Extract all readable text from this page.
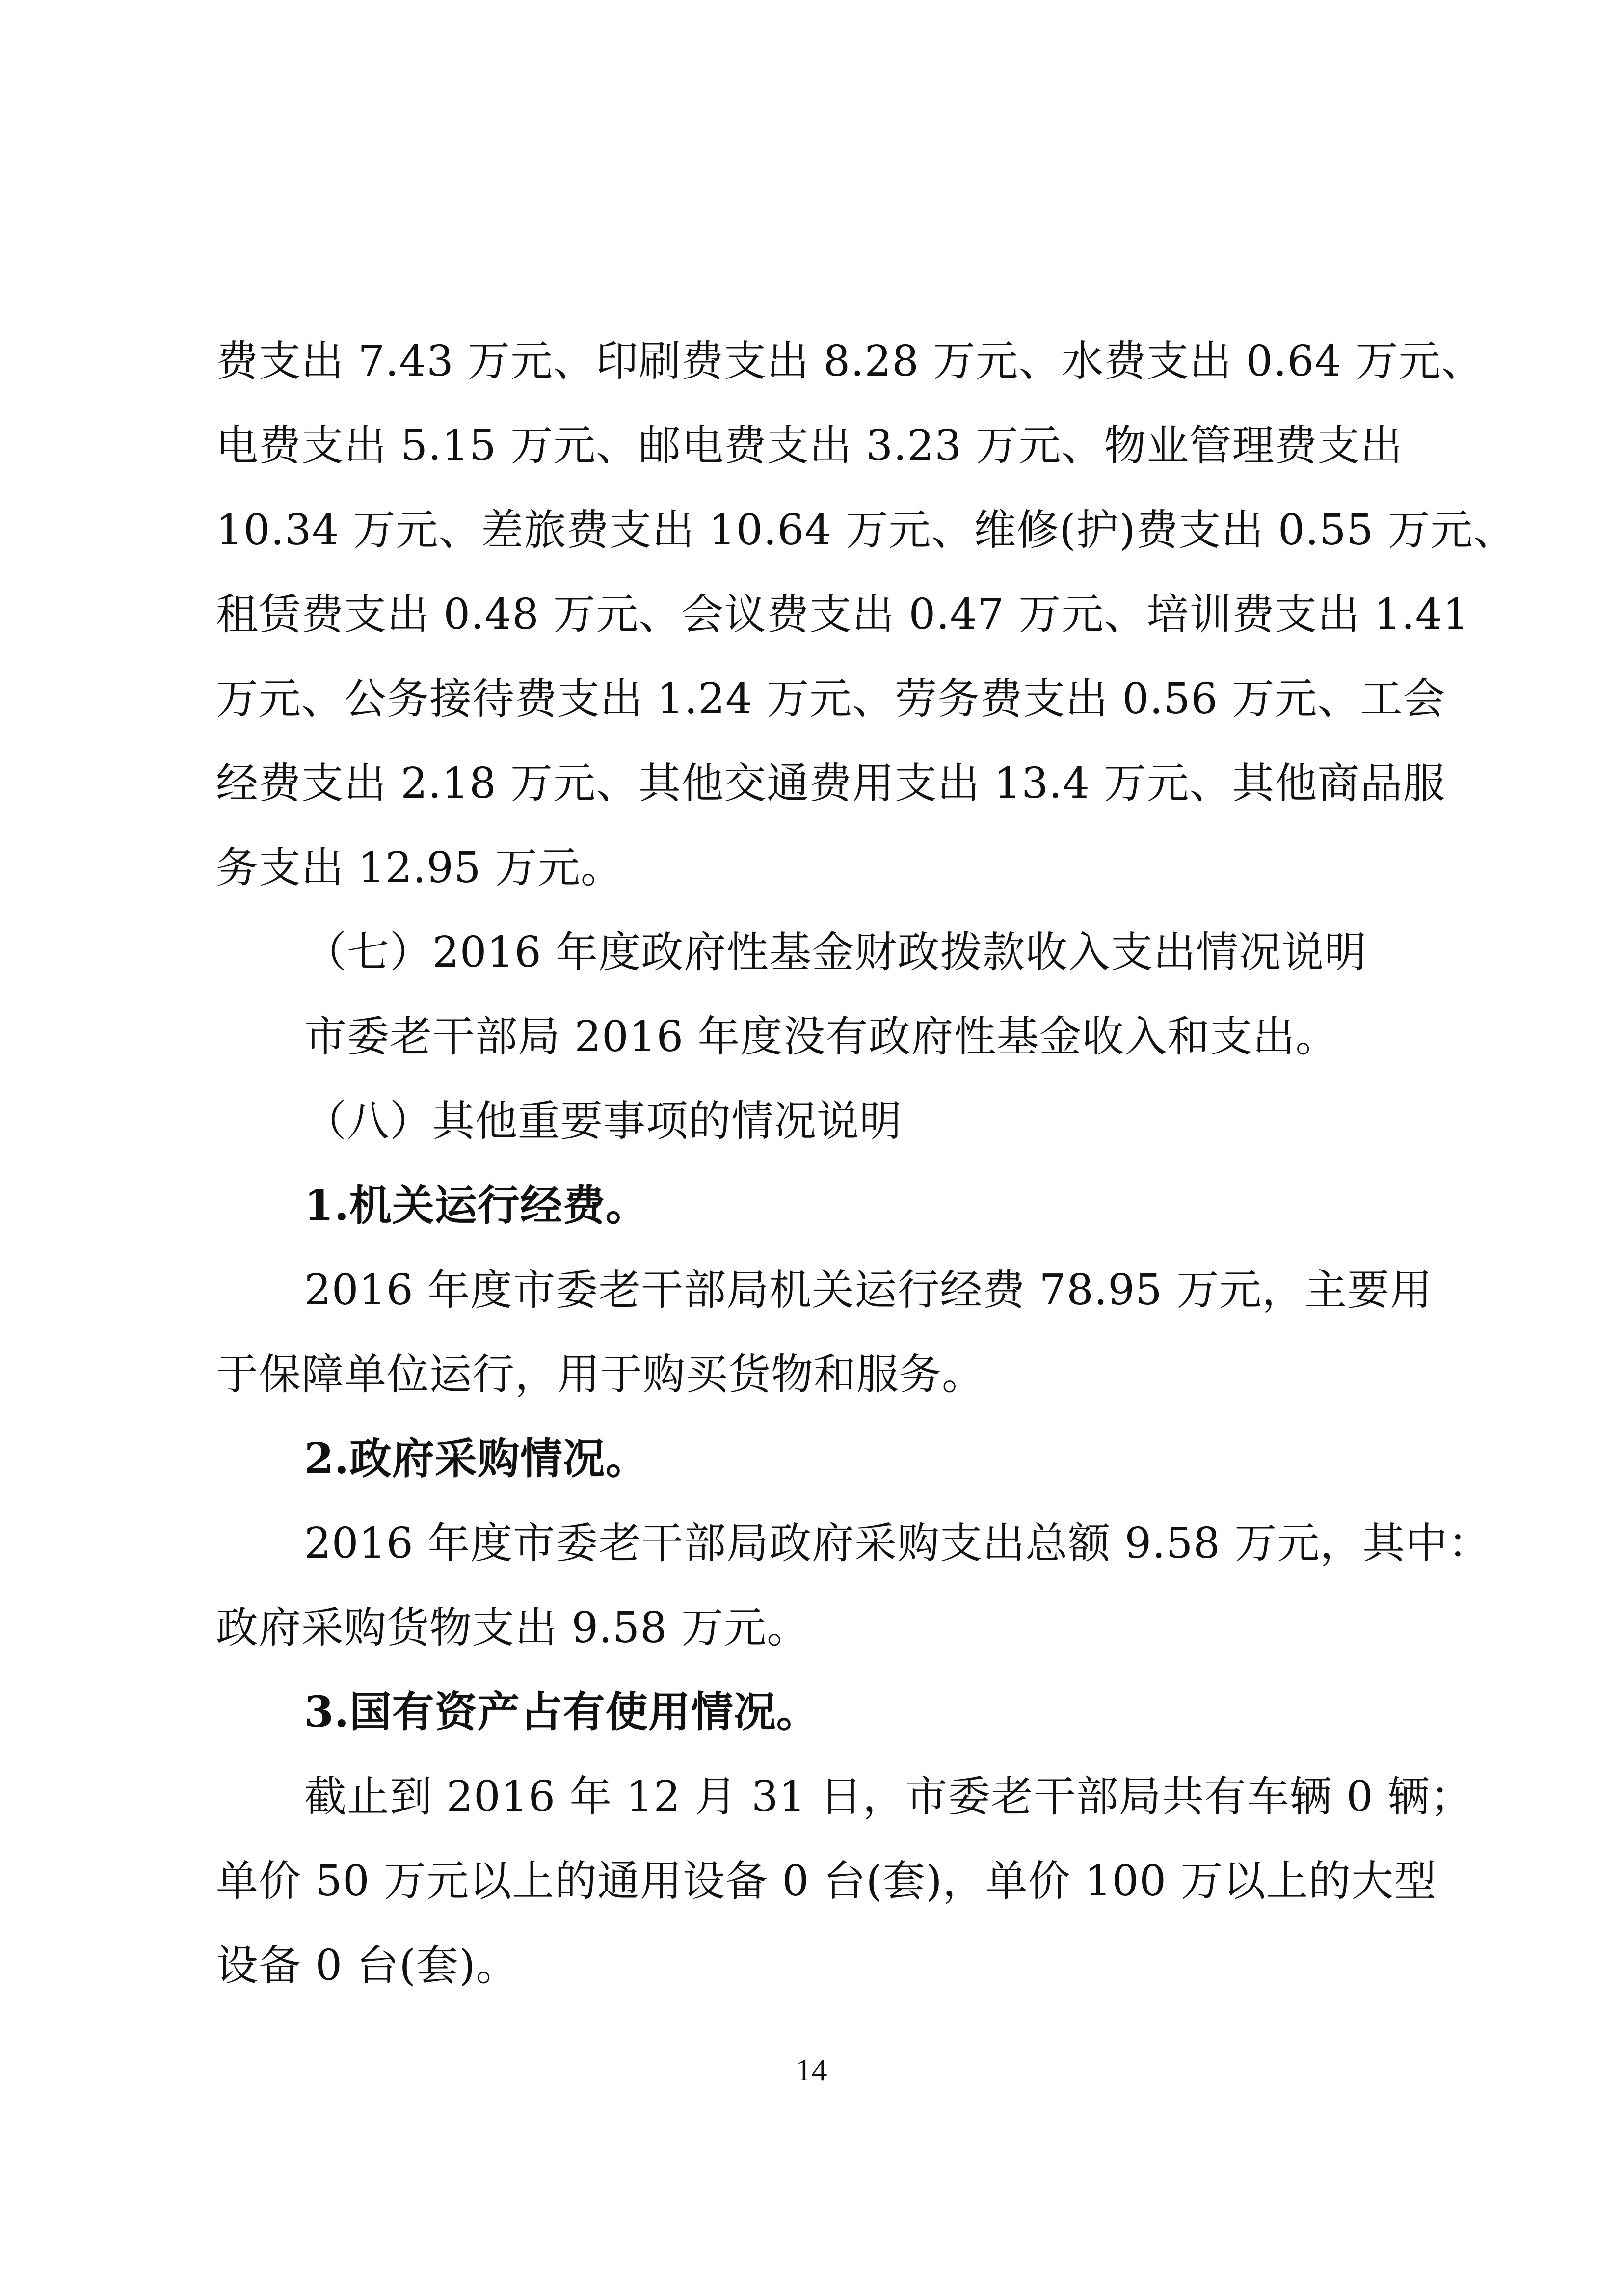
费支出 7.43 万元、印刷费支出 8.28 万元、水费支出 0.64 万元、
电费支出 5.15 万元、邮电费支出 3.23 万元、物业管理费支出
10.34 万元、差旅费支出 10.64 万元、维修(护)费支出 0.55 万元、
租赁费支出 0.48 万元、会议费支出 0.47 万元、培训费支出 1.41
万元、公务接待费支出 1.24 万元、劳务费支出 0.56 万元、工会
经费支出 2.18 万元、其他交通费用支出 13.4 万元、其他商品服
务支出 12.95 万元。
（七）2016 年度政府性基金财政拨款收入支出情况说明
市委老干部局 2016 年度没有政府性基金收入和支出。
（八）其他重要事项的情况说明
1.机关运行经费。
2016 年度市委老干部局机关运行经费 78.95 万元，主要用
于保障单位运行，用于购买货物和服务。
2.政府采购情况。
2016 年度市委老干部局政府采购支出总额 9.58 万元，其中：
政府采购货物支出 9.58 万元。
3.国有资产占有使用情况。
截止到 2016 年 12 月 31 日，市委老干部局共有车辆 0 辆；
单价 50 万元以上的通用设备 0 台(套)，单价 100 万以上的大型
设备 0 台(套)。
14
